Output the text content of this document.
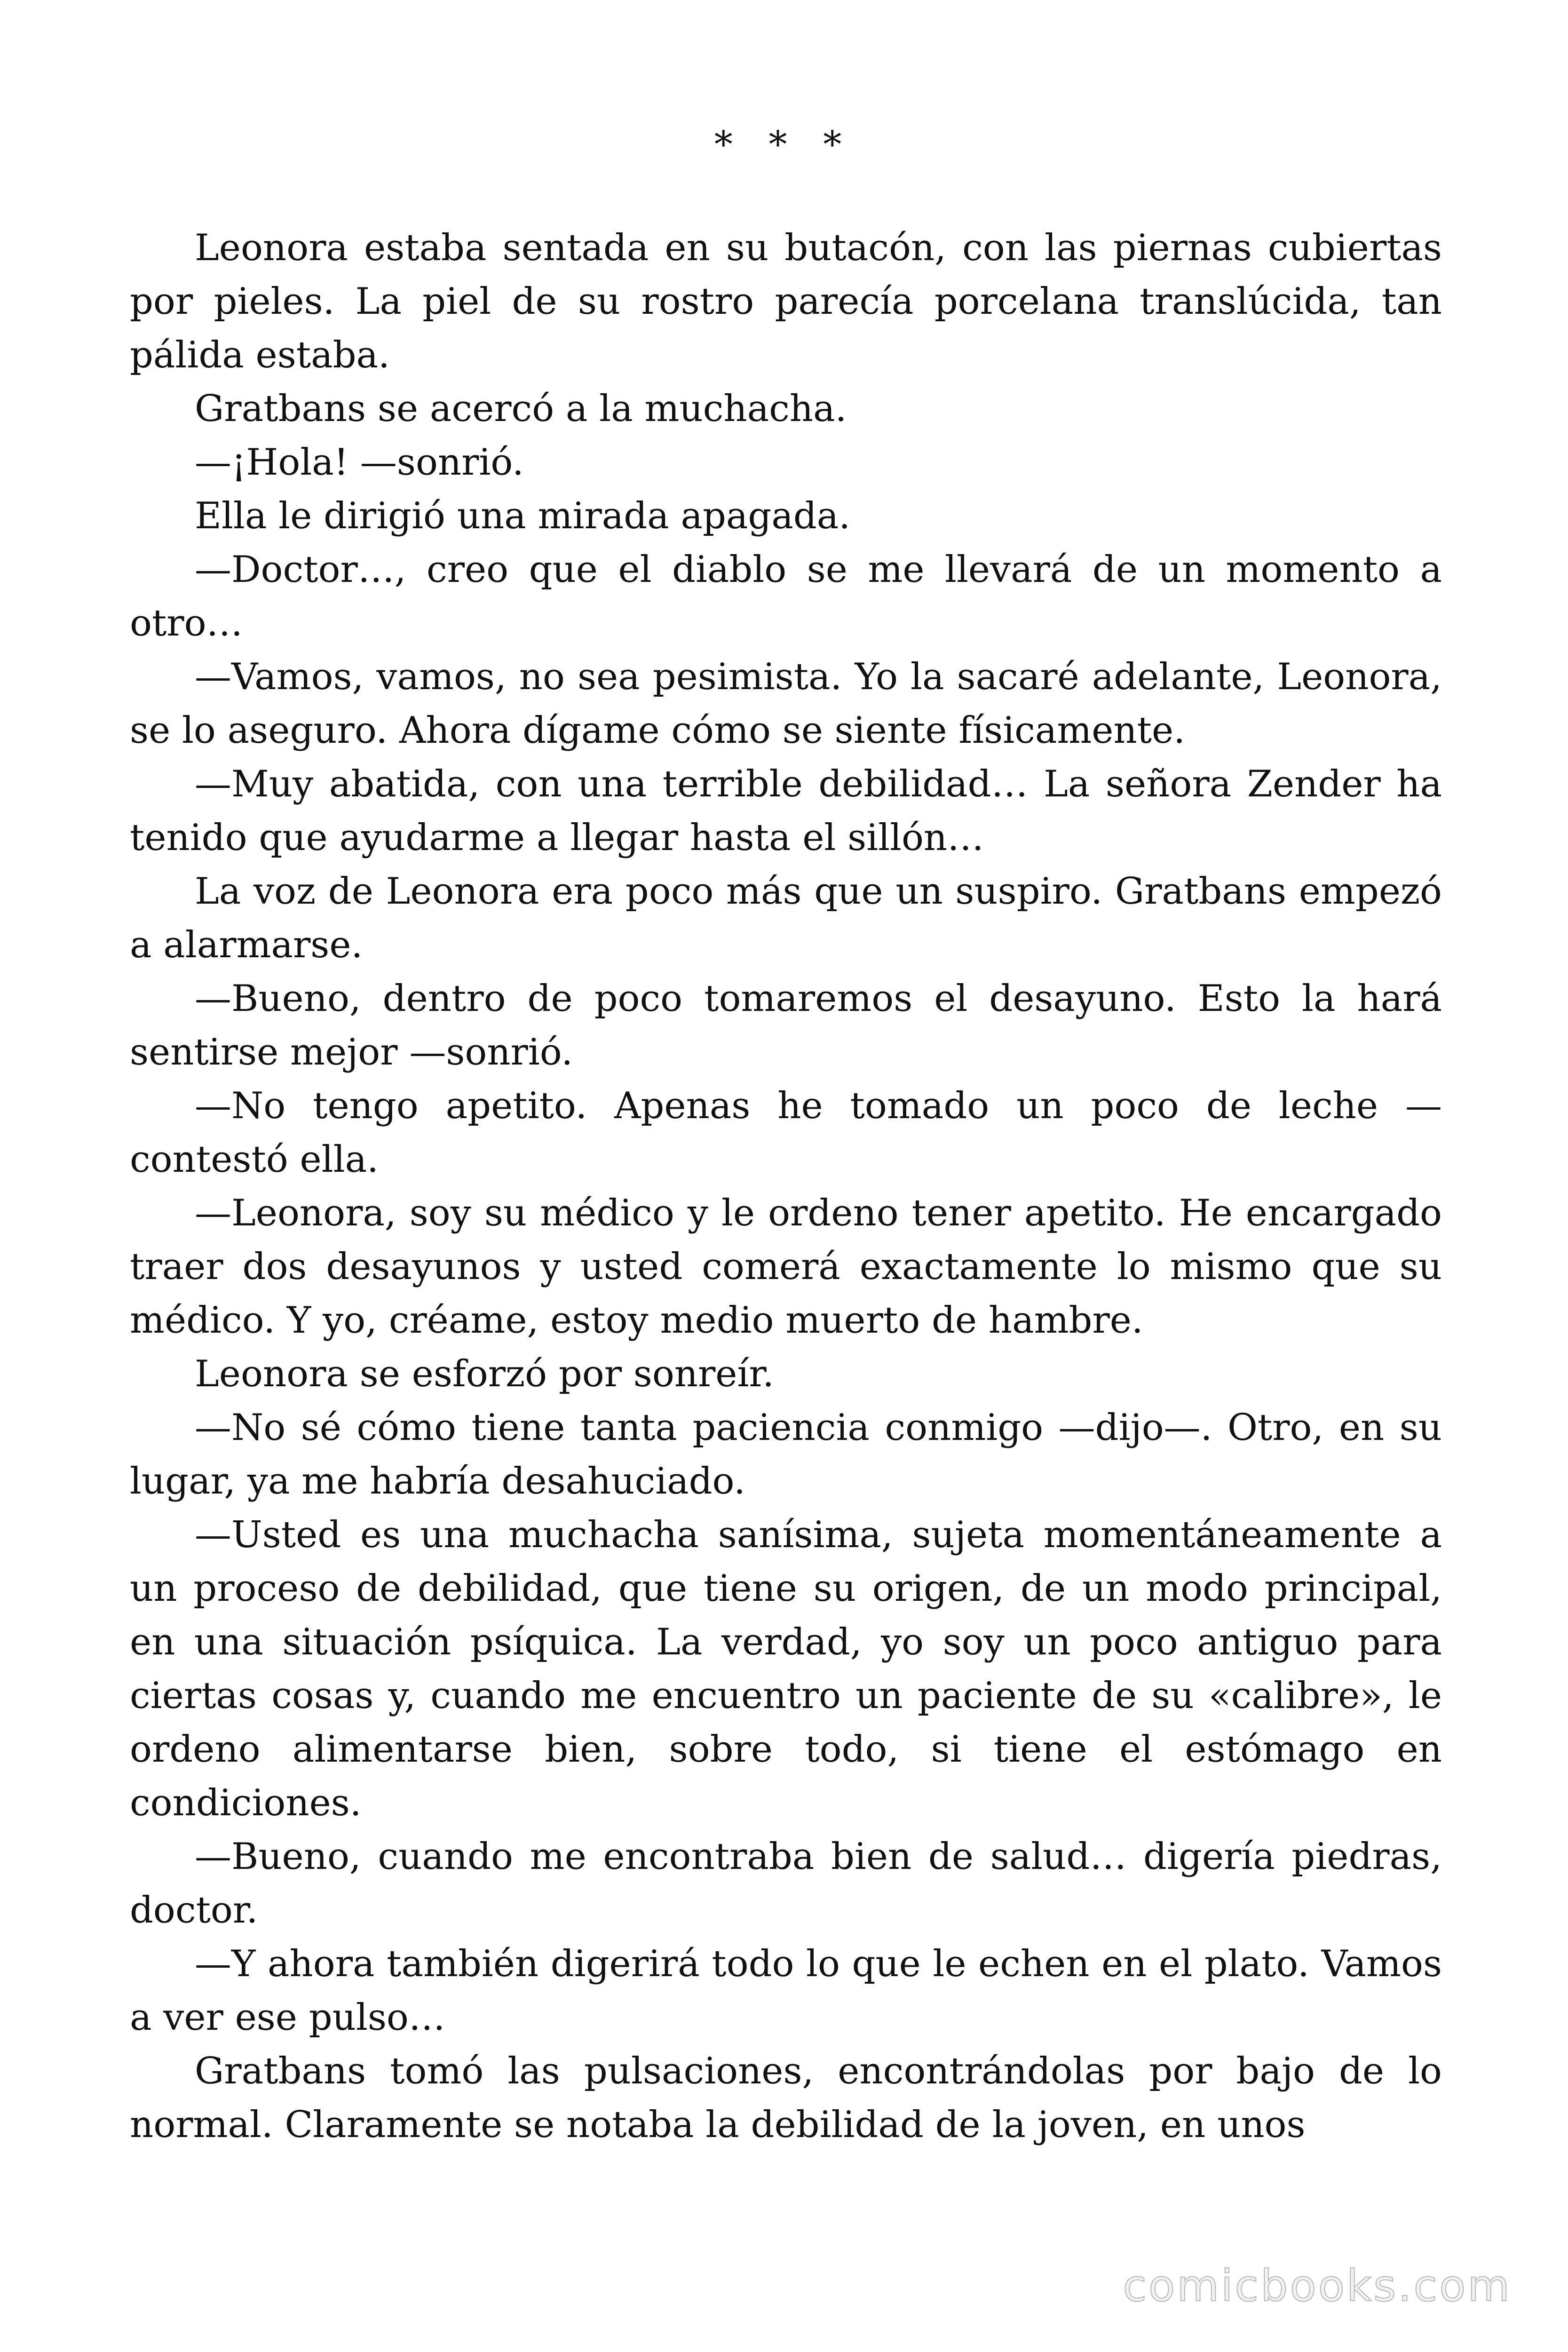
* * *

Leonora estaba sentada en su butacón, con las piernas cubiertas por pieles. La piel de su rostro parecía porcelana translúcida, tan pálida estaba.

Gratbans se acercó a la muchacha.

—¡Hola! —sonrió.

Ella le dirigió una mirada apagada.

—Doctor…, creo que el diablo se me llevará de un momento a otro…

—Vamos, vamos, no sea pesimista. Yo la sacaré adelante, Leonora, se lo aseguro. Ahora dígame cómo se siente físicamente.

—Muy abatida, con una terrible debilidad… La señora Zender ha tenido que ayudarme a llegar hasta el sillón…

La voz de Leonora era poco más que un suspiro. Gratbans empezó a alarmarse.

—Bueno, dentro de poco tomaremos el desayuno. Esto la hará sentirse mejor —sonrió.

—No tengo apetito. Apenas he tomado un poco de leche —contestó ella.

—Leonora, soy su médico y le ordeno tener apetito. He encargado traer dos desayunos y usted comerá exactamente lo mismo que su médico. Y yo, créame, estoy medio muerto de hambre.

Leonora se esforzó por sonreír.

—No sé cómo tiene tanta paciencia conmigo —dijo—. Otro, en su lugar, ya me habría desahuciado.

—Usted es una muchacha sanísima, sujeta momentáneamente a un proceso de debilidad, que tiene su origen, de un modo principal, en una situación psíquica. La verdad, yo soy un poco antiguo para ciertas cosas y, cuando me encuentro un paciente de su «calibre», le ordeno alimentarse bien, sobre todo, si tiene el estómago en condiciones.

—Bueno, cuando me encontraba bien de salud… digería piedras, doctor.

—Y ahora también digerirá todo lo que le echen en el plato. Vamos a ver ese pulso…

Gratbans tomó las pulsaciones, encontrándolas por bajo de lo normal. Claramente se notaba la debilidad de la joven, en unos

comicbooks.com
